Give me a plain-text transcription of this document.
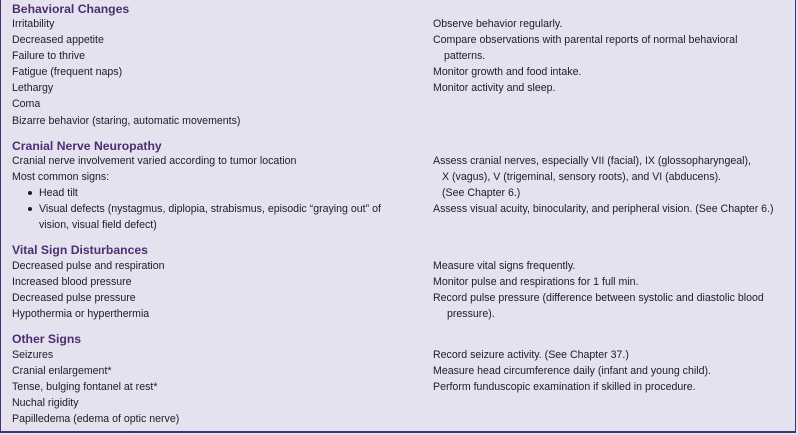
Behavioral Changes
Irritability
Decreased appetite
Failure to thrive
Fatigue (frequent naps)
Lethargy
Coma
Bizarre behavior (staring, automatic movements)
Observe behavior regularly.
Compare observations with parental reports of normal behavioral
patterns.
Monitor growth and food intake.
Monitor activity and sleep.
Cranial Nerve Neuropathy
Cranial nerve involvement varied according to tumor location
Most common signs:
Head tilt
Visual defects (nystagmus, diplopia, strabismus, episodic “graying out” of
vision, visual field defect)
Assess cranial nerves, especially VII (facial), IX (glossopharyngeal),
X (vagus), V (trigeminal, sensory roots), and VI (abducens).
(See Chapter 6.)
Assess visual acuity, binocularity, and peripheral vision. (See Chapter 6.)
Vital Sign Disturbances
Decreased pulse and respiration
Increased blood pressure
Decreased pulse pressure
Hypothermia or hyperthermia
Measure vital signs frequently.
Monitor pulse and respirations for 1 full min.
Record pulse pressure (difference between systolic and diastolic blood
pressure).
Other Signs
Seizures
Cranial enlargement*
Tense, bulging fontanel at rest*
Nuchal rigidity
Papilledema (edema of optic nerve)
Record seizure activity. (See Chapter 37.)
Measure head circumference daily (infant and young child).
Perform funduscopic examination if skilled in procedure.
